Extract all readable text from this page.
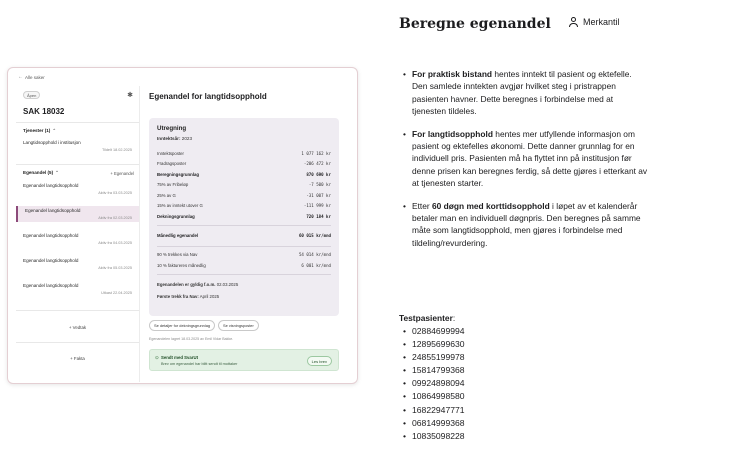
← Alle saker
Åpen	✱
SAK 18032
Tjenester (1) ⌃
Langtidsopphold i institusjon
Tildelt 18.02.2025
Egenandel (5) ⌃	+ Egenandel
Egenandel langtidsopphold
Aktiv fra 03.03.2025
Egenandel langtidsopphold
Aktiv fra 02.03.2025
Egenandel langtidsopphold
Aktiv fra 04.03.2025
Egenandel langtidsopphold
Aktiv fra 05.03.2025
Egenandel langtidsopphold
Utkast 22.04.2025
+ Vedtak
+ Fakta
Egenandel for langtidsopphold
Utregning
Inntektsår: 2023
Inntektsposter	1 077 162 kr
Fradragsposter	-206 472 kr
Beregningsgrunnlag	870 690 kr
75% av Fribeløp	-7 500 kr
25% av G	-31 007 kr
15% av inntekt utover G	-111 999 kr
Dekningsgrunnlag	720 184 kr
Månedlig egenandel	60 015 kr/mnd
90 % trekkes via Nav	54 014 kr/mnd
10 % faktureres månedlig	6 001 kr/mnd
Egenandelen er gyldig f.o.m. 02.03.2025
Første trekk fra Nav: April 2025
Se detaljer for dekningsgrunnlag	Se visningsposter
Egenandelen lagret 18.03.2025 av Emil Vidar Bakke.
⊙ Sendt med SvarUt
Brev om egenandel har blitt sendt til mottaker
Les brev
Beregne egenandel	Merkantil
• For praktisk bistand hentes inntekt til pasient og ektefelle. Den samlede inntekten avgjør hvilket steg i pristrappen pasienten havner. Dette beregnes i forbindelse med at tjenesten tildeles.
• For langtidsopphold hentes mer utfyllende informasjon om pasient og ektefelles økonomi. Dette danner grunnlag for en individuell pris. Pasienten må ha flyttet inn på institusjon før denne prisen kan beregnes ferdig, så dette gjøres i etterkant av at tjenesten starter.
• Etter 60 døgn med korttidsopphold i løpet av et kalenderår betaler man en individuell døgnpris. Den beregnes på samme måte som langtidsopphold, men gjøres i forbindelse med tildeling/revurdering.
Testpasienter:
• 02884699994
• 12895699630
• 24855199978
• 15814799368
• 09924898094
• 10864998580
• 16822947771
• 06814999368
• 10835098228
